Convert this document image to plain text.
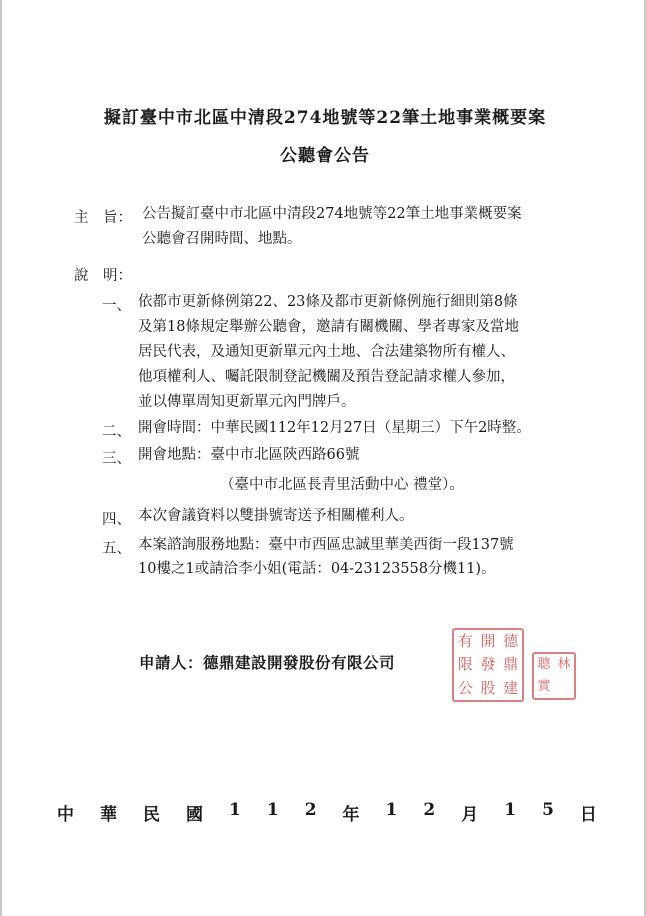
擬訂臺中市北區中清段274地號等22筆土地事業概要案
公聽會公告
主　旨： 公告擬訂臺中市北區中清段274地號等22筆土地事業概要案
公聽會召開時間、地點。
說　明：
一、 依都市更新條例第22、23條及都市更新條例施行細則第8條
及第18條規定舉辦公聽會，邀請有關機關、學者專家及當地
居民代表，及通知更新單元內土地、合法建築物所有權人、
他項權利人、囑託限制登記機關及預告登記請求權人參加，
並以傳單周知更新單元內門牌戶。
二、 開會時間：中華民國112年12月27日（星期三）下午2時整。
三、 開會地點：臺中市北區陝西路66號
（臺中市北區長青里活動中心 禮堂）。
四、 本次會議資料以雙掛號寄送予相關權利人。
五、 本案諮詢服務地點：臺中市西區忠誠里華美西街一段137號
10樓之1或請洽李小姐(電話：04-23123558分機11)。
申請人：德鼎建設開發股份有限公司
有 開 德
限 發 鼎
公 股 建
聰 林
實
中 華 民 國 1 1 2 年 1 2 月 1 5 日
